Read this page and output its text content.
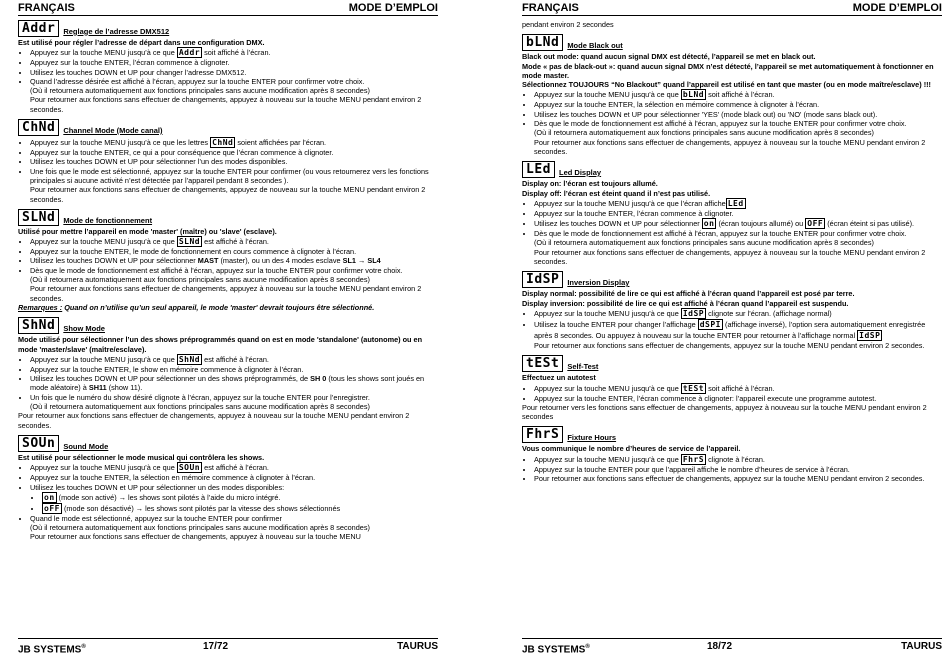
FRANÇAIS	MODE D’EMPLOI
Addr	Reglage de l’adresse DMX512
Est utilisé pour régler l’adresse de départ dans une configuration DMX.
• Appuyez sur la touche MENU jusqu’à ce que Addr soit affiché à l’écran.
• Appuyez sur la touche ENTER, l’écran commence à clignoter.
• Utilisez les touches DOWN et UP pour changer l’adresse DMX512.
• Quand l’adresse désirée est affiché à l’écran, appuyez sur la touche ENTER pour confirmer votre choix.
(Où il retournera automatiquement aux fonctions principales sans aucune modification après 8 secondes)
Pour retourner aux fonctions sans effectuer de changements, appuyez à nouveau sur la touche MENU pendant environ 2 secondes.
ChNd	Channel Mode (Mode canal)
• Appuyez sur la touche MENU jusqu’à ce que les lettres ChNd soient affichées par l’écran.
• Appuyez sur la touche ENTER, ce qui a pour conséquence que l’écran commence à clignoter.
• Utilisez les touches DOWN et UP pour sélectionner l’un des modes disponibles.
• Une fois que le mode est sélectionné, appuyez sur la touche ENTER pour confirmer (ou vous retournerez vers les fonctions principales si aucune activité n’est détectée par l’appareil pendant 8 secondes ).
Pour retourner aux fonctions sans effectuer de changements, appuyez de nouveau sur la touche MENU pendant environ 2 secondes.
SLNd	Mode de fonctionnement
Utilisé pour mettre l’appareil en mode 'master' (maître) ou 'slave' (esclave).
• Appuyez sur la touche MENU jusqu’à ce que SLNd est affiché à l’écran.
• Appuyez sur la touche ENTER, le mode de fonctionnement en cours commence à clignoter à l’écran.
• Utilisez les touches DOWN et UP pour sélectionner MAST (master), ou un des 4 modes esclave SL1 → SL4
• Dès que le mode de fonctionnement est affiché à l’écran, appuyez sur la touche ENTER pour confirmer votre choix.
(Où il retournera automatiquement aux fonctions principales sans aucune modification après 8 secondes)
Pour retourner aux fonctions sans effectuer de changements, appuyez à nouveau sur la touche MENU pendant environ 2 secondes.
Remarques : Quand on n’utilise qu’un seul appareil, le mode 'master' devrait toujours être sélectionné.
ShNd	Show Mode
Mode utilisé pour sélectionner l’un des shows préprogrammés quand on est en mode 'standalone' (autonome) ou en mode 'master/slave' (maître/esclave).
• Appuyez sur la touche MENU jusqu’à ce que ShNd est affiché à l’écran.
• Appuyez sur la touche ENTER, le show en mémoire commence à clignoter à l’écran.
• Utilisez les touches DOWN et UP pour sélectionner un des shows préprogrammés, de SH 0 (tous les shows sont joués en mode aléatoire) à SH11 (show 11).
• Un fois que le numéro du show désiré clignote à l’écran, appuyez sur la touche ENTER pour l’enregistrer.
(Où il retournera automatiquement aux fonctions principales sans aucune modification après 8 secondes)
Pour retourner aux fonctions sans effectuer de changements, appuyez à nouveau sur la touche MENU pendant environ 2 secondes.
SOUn	Sound Mode
Est utilisé pour sélectionner le mode musical qui contrôlera les shows.
• Appuyez sur la touche MENU jusqu’à ce que SOUn est affiché à l’écran.
• Appuyez sur la touche ENTER, la sélection en mémoire commence à clignoter à l’écran.
• Utilisez les touches DOWN et UP pour sélectionner un des modes disponibles:
• on (mode son activé) → les shows sont pilotés à l’aide du micro intégré.
• oFF (mode son désactivé) → les shows sont pilotés par la vitesse des shows sélectionnés
• Quand le mode est sélectionné, appuyez sur la touche ENTER pour confirmer
(Où il retournera automatiquement aux fonctions principales sans aucune modification après 8 secondes)
Pour retourner aux fonctions sans effectuer de changements, appuyez à nouveau sur la touche MENU
JB SYSTEMS®	17/72	TAURUS
FRANÇAIS	MODE D’EMPLOI
pendant environ 2 secondes
bLNd	Mode Black out
Black out mode: quand aucun signal DMX est détecté, l’appareil se met en black out.
Mode « pas de black-out »: quand aucun signal DMX n’est détecté, l’appareil se met automatiquement à fonctionner en mode master.
Sélectionnez TOUJOURS “No Blackout” quand l’appareil est utilisé en tant que master (ou en mode maître/esclave) !!!
• Appuyez sur la touche MENU jusqu’à ce que bLNd soit affiché à l’écran.
• Appuyez sur la touche ENTER, la sélection en mémoire commence à clignoter à l’écran.
• Utilisez les touches DOWN et UP pour sélectionner 'YES' (mode black out) ou 'NO' (mode sans black out).
• Dès que le mode de fonctionnement est affiché à l’écran, appuyez sur la touche ENTER pour confirmer votre choix.
(Où il retournera automatiquement aux fonctions principales sans aucune modification après 8 secondes)
Pour retourner aux fonctions sans effectuer de changements, appuyez à nouveau sur la touche MENU pendant environ 2 secondes.
LEd	Led Display
Display on: l’écran est toujours allumé.
Display off: l’écran est éteint quand il n’est pas utilisé.
• Appuyez sur la touche MENU jusqu’à ce que l’écran affiche LEd
• Appuyez sur la touche ENTER, l’écran commence à clignoter.
• Utilisez les touches DOWN et UP pour sélectionner on (écran toujours allumé) ou OFF (écran éteint si pas utilisé).
• Dès que le mode de fonctionnement est affiché à l’écran, appuyez sur la touche ENTER pour confirmer votre choix.
(Où il retournera automatiquement aux fonctions principales sans aucune modification après 8 secondes)
Pour retourner aux fonctions sans effectuer de changements, appuyez à nouveau sur la touche MENU pendant environ 2 secondes.
IdSP	Inversion Display
Display normal: possibilité de lire ce qui est affiché à l’écran quand l’appareil est posé par terre.
Display inversion: possibilité de lire ce qui est affiché à l’écran quand l’appareil est suspendu.
• Appuyez sur la touche MENU jusqu’à ce que IdSP clignote sur l’écran. (affichage normal)
• Utilisez la touche ENTER pour changer l’affichage dSPI (affichage inversé), l’option sera automatiquement enregistrée après 8 secondes. Ou appuyez à nouveau sur la touche ENTER pour retourner à l’affichage normal IdSP
Pour retourner aux fonctions sans effectuer de changements, appuyez sur la touche MENU pendant environ 2 secondes.
tESt	Self-Test
Effectuez un autotest
• Appuyez sur la touche MENU jusqu’à ce que tESt soit affiché à l’écran.
• Appuyez sur la touche ENTER, l’écran commence à clignoter: l’appareil execute une programme autotest.
Pour retourner vers les fonctions sans effectuer de changements, appuyez à nouveau sur la touche MENU pendant environ 2 secondes
FhrS	Fixture Hours
Vous communique le nombre d’heures de service de l’appareil.
• Appuyez sur la touche MENU jusqu’à ce que FhrS clignote à l’écran.
• Appuyez sur la touche ENTER pour que l’appareil affiche le nombre d’heures de service à l’écran.
• Pour retourner aux fonctions sans effectuer de changements, appuyez sur la touche MENU pendant environ 2 secondes.
JB SYSTEMS®	18/72	TAURUS
